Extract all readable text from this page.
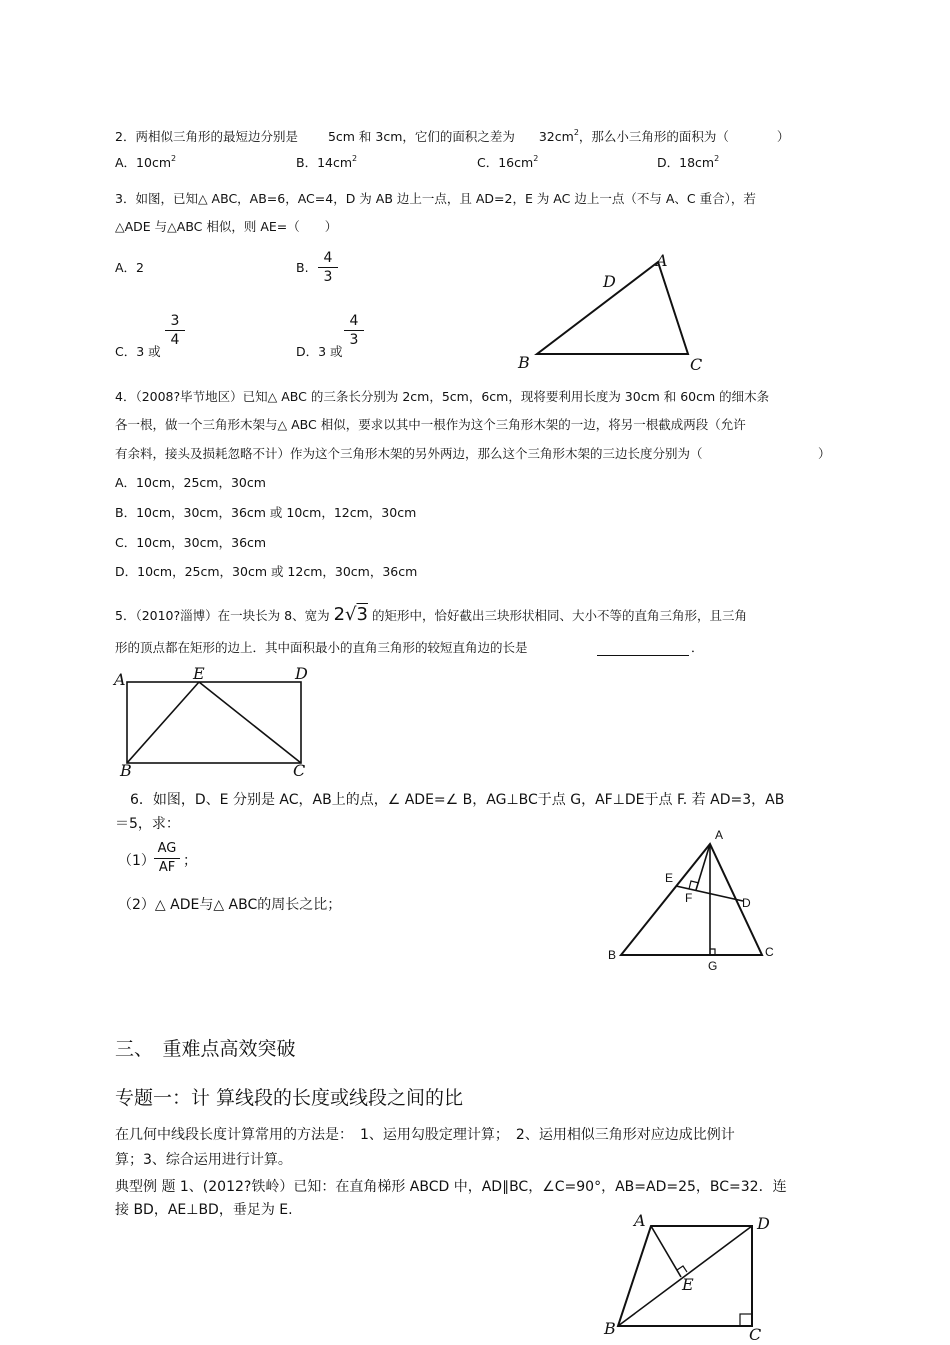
2．两相似三角形的最短边分别是 5cm 和 3cm，它们的面积之差为 $32cm^2$，那么小三角形的面积为（	）
A．$10cm^2$	B．$14cm^2$	C．$16cm^2$	D．$18cm^2$
3．如图，已知△ ABC，AB=6，AC=4，D 为 AB 边上一点，且 AD=2，E 为 AC 边上一点（不与 A、C 重合），若
△ADE 与△ABC 相似，则 AE=（　　）
A．2	B. $\frac{4}{3}$
C．3 或
$\frac{3}{4}$
D．3 或
$\frac{4}{3}$
A
B	C
D
4．（2008?毕节地区）已知△ ABC 的三条长分别为 2cm，5cm，6cm，现将要利用长度为 30cm 和 60cm 的细木条
各一根，做一个三角形木架与△ ABC 相似，要求以其中一根作为这个三角形木架的一边，将另一根截成两段（允许
有余料，接头及损耗忽略不计）作为这个三角形木架的另外两边，那么这个三角形木架的三边长度分别为（	）
A．10cm，25cm，30cm
B．10cm，30cm，36cm 或 10cm，12cm，30cm
C．10cm，30cm，36cm
D．10cm，25cm，30cm 或 12cm，30cm，36cm
5．（2010?淄博）在一块长为 8、宽为 2√3 的矩形中，恰好截出三块形状相同、大小不等的直角三角形，且三角
形的顶点都在矩形的边上．其中面积最小的直角三角形的较短直角边的长是	．
A	E	D
B	C
6．如图，D、E 分别是 AC，AB上的点，∠ ADE=∠ B，AG⊥BC于点 G，AF⊥DE于点 F. 若 AD=3，AB
＝5，求：
$(1) \frac{AG}{AF}$ ；
（2）△ ADE与△ ABC的周长之比；
A
E
F	D
B	C
G
三、　重难点高效突破
专题一：计 算线段的长度或线段之间的比
在几何中线段长度计算常用的方法是：　1、运用勾股定理计算；　2、运用相似三角形对应边成比例计
算；3、综合运用进行计算。
典型例 题 1、(2012?铁岭）已知：在直角梯形 ABCD 中，AD∥BC，∠C=90°，AB=AD=25，BC=32．连
接 BD，AE⊥BD，垂足为 E.
A	D
E
B	C
